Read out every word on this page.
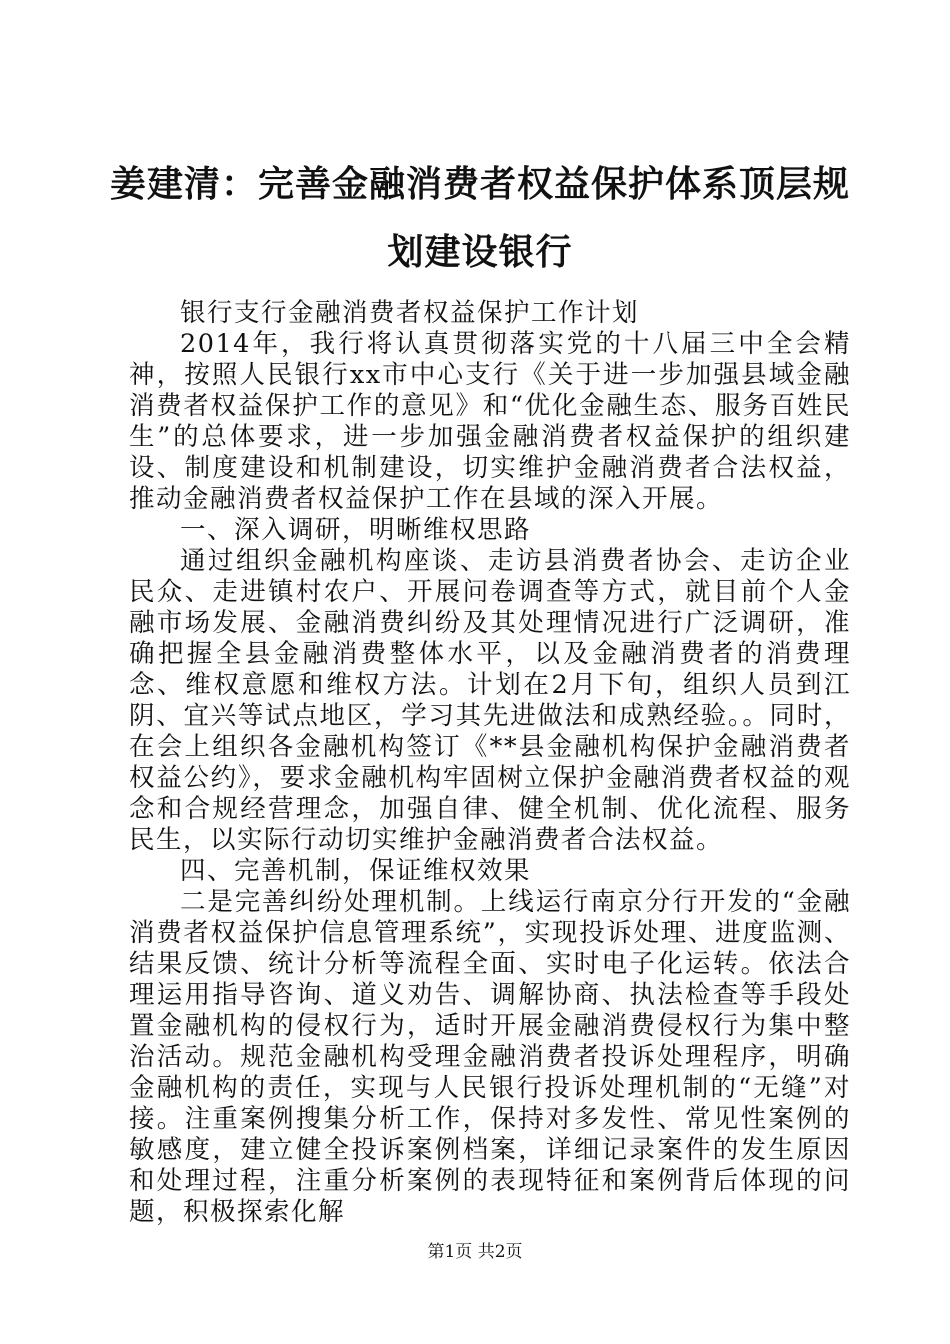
姜建清：完善金融消费者权益保护体系顶层规
划建设银行

银行支行金融消费者权益保护工作计划

2014年，我行将认真贯彻落实党的十八届三中全会精神，按照人民银行xx市中心支行《关于进一步加强县域金融消费者权益保护工作的意见》和“优化金融生态、服务百姓民生”的总体要求，进一步加强金融消费者权益保护的组织建设、制度建设和机制建设，切实维护金融消费者合法权益，推动金融消费者权益保护工作在县域的深入开展。

一、深入调研，明晰维权思路

通过组织金融机构座谈、走访县消费者协会、走访企业民众、走进镇村农户、开展问卷调查等方式，就目前个人金融市场发展、金融消费纠纷及其处理情况进行广泛调研，准确把握全县金融消费整体水平，以及金融消费者的消费理念、维权意愿和维权方法。计划在2月下旬，组织人员到江阴、宜兴等试点地区，学习其先进做法和成熟经验。。同时，在会上组织各金融机构签订《**县金融机构保护金融消费者权益公约》，要求金融机构牢固树立保护金融消费者权益的观念和合规经营理念，加强自律、健全机制、优化流程、服务民生，以实际行动切实维护金融消费者合法权益。

四、完善机制，保证维权效果

二是完善纠纷处理机制。上线运行南京分行开发的“金融消费者权益保护信息管理系统”，实现投诉处理、进度监测、结果反馈、统计分析等流程全面、实时电子化运转。依法合理运用指导咨询、道义劝告、调解协商、执法检查等手段处置金融机构的侵权行为，适时开展金融消费侵权行为集中整治活动。规范金融机构受理金融消费者投诉处理程序，明确金融机构的责任，实现与人民银行投诉处理机制的“无缝”对接。注重案例搜集分析工作，保持对多发性、常见性案例的敏感度，建立健全投诉案例档案，详细记录案件的发生原因和处理过程，注重分析案例的表现特征和案例背后体现的问题，积极探索化解

第1页 共2页
